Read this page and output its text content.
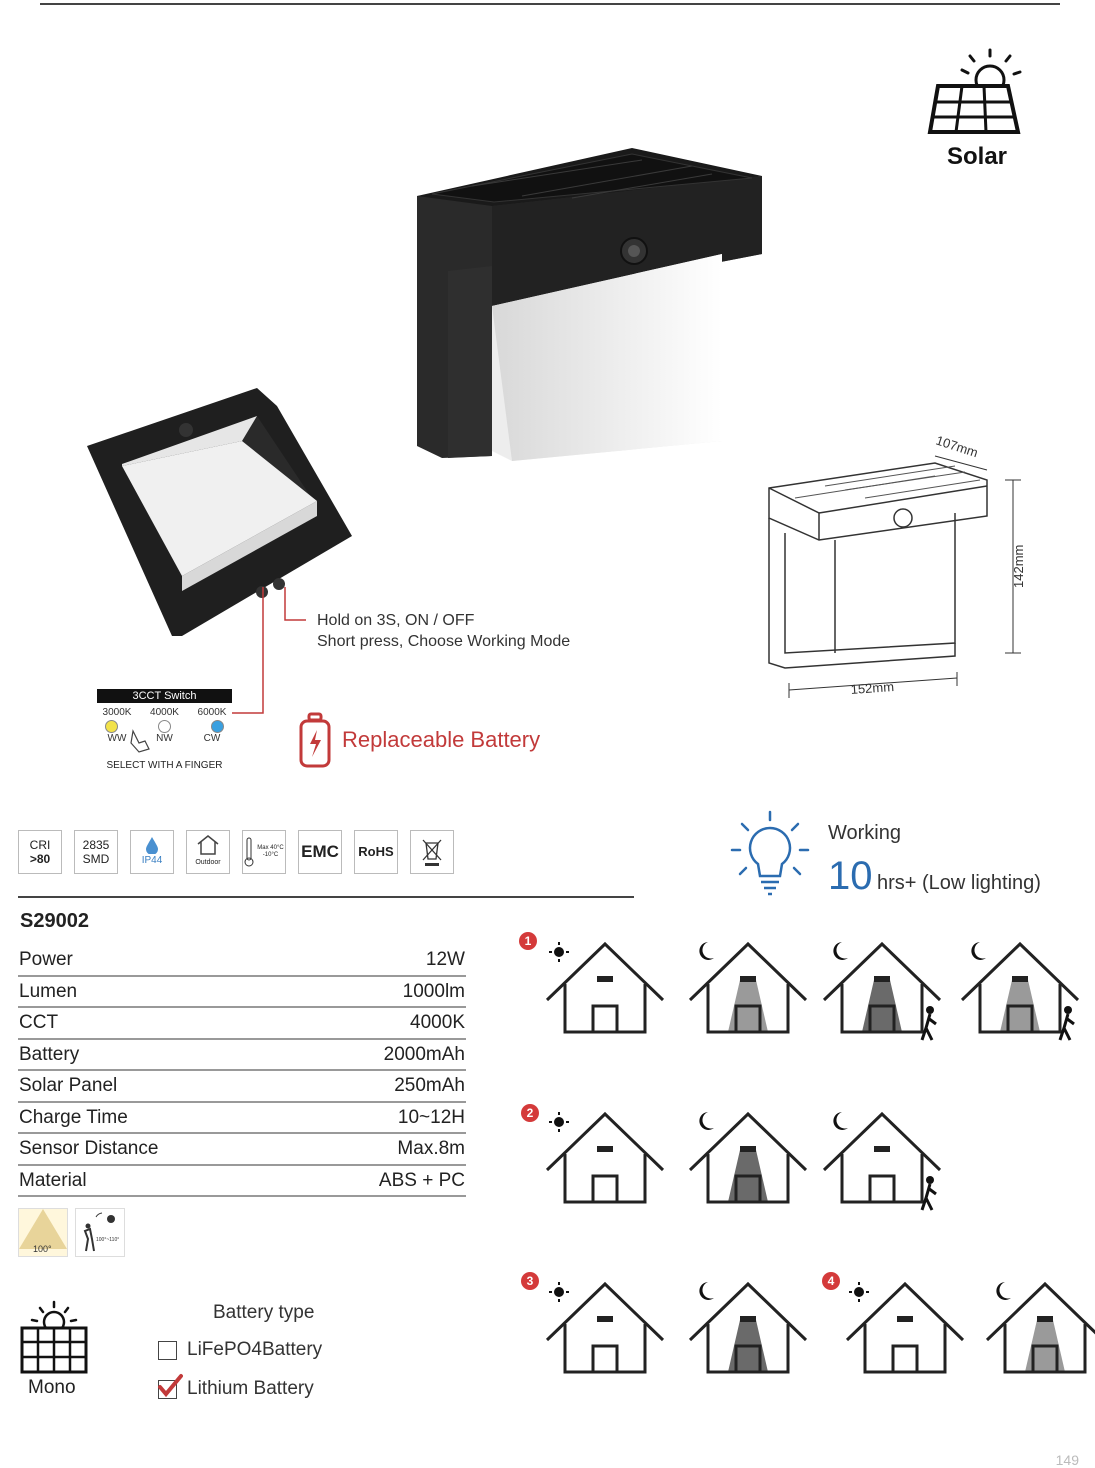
Solar
Hold on 3S, ON / OFF
Short press, Choose Working Mode
3CCT Switch
3000K	4000K	6000K
WW	NW	CW
SELECT WITH A FINGER
Replaceable Battery
107mm
142mm
152mm
CRI
>80
2835
SMD	IP44	Outdoor
Max 40°C
-10°C	EMC RoHS
Working
10 hrs+ (Low lighting)
S29002
Power	12W
Lumen	1000lm
CCT	4000K
Battery	2000mAh
Solar Panel	250mAh
Charge Time	10~12H
Sensor Distance	Max.8m
Material	ABS + PC
100°
100°~110°
Mono
Battery type
LiFePO4Battery
Lithium Battery
1
2
3	4
149
